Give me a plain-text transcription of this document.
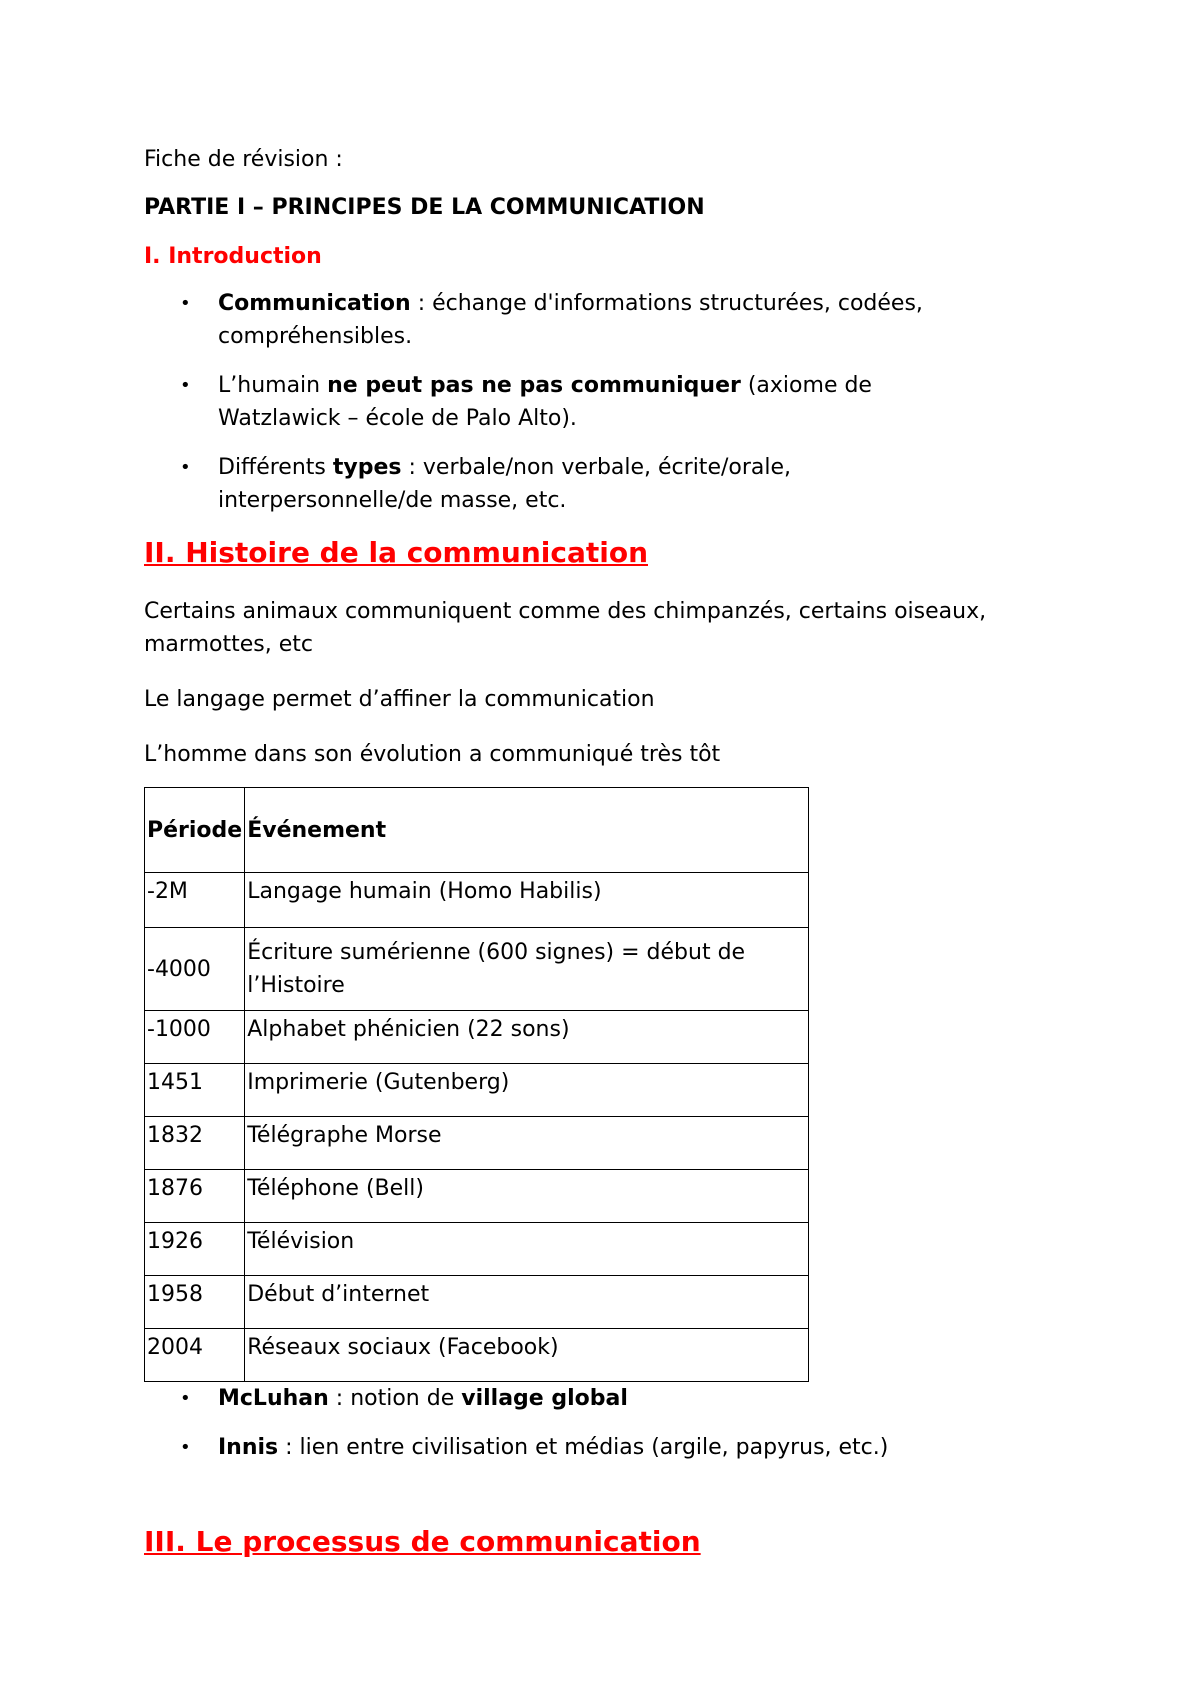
Fiche de révision :

PARTIE I – PRINCIPES DE LA COMMUNICATION

I. Introduction

• Communication : échange d'informations structurées, codées, compréhensibles.
• L’humain ne peut pas ne pas communiquer (axiome de Watzlawick – école de Palo Alto).
• Différents types : verbale/non verbale, écrite/orale, interpersonnelle/de masse, etc.

II. Histoire de la communication

Certains animaux communiquent comme des chimpanzés, certains oiseaux, marmottes, etc

Le langage permet d’affiner la communication

L’homme dans son évolution a communiqué très tôt

Période	Événement
-2M	Langage humain (Homo Habilis)
-4000	Écriture sumérienne (600 signes) = début de l’Histoire
-1000	Alphabet phénicien (22 sons)
1451	Imprimerie (Gutenberg)
1832	Télégraphe Morse
1876	Téléphone (Bell)
1926	Télévision
1958	Début d’internet
2004	Réseaux sociaux (Facebook)
• McLuhan : notion de village global
• Innis : lien entre civilisation et médias (argile, papyrus, etc.)

III. Le processus de communication
